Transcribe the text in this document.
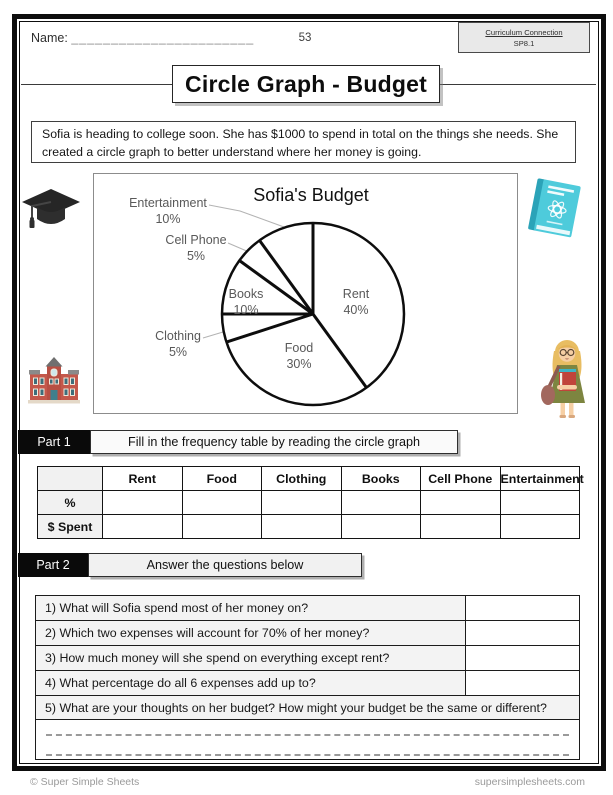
Name: _______________________	53	Curriculum Connection
SP8.1
Circle Graph - Budget
Sofia is heading to college soon. She has $1000 to spend in total on the things she needs. She created a circle graph to better understand where her money is going.
Sofia's Budget
Rent
40%
Food
30%
Books
10%
Entertainment
10%
Cell Phone
5%
Clothing
5%
Part 1	Fill in the frequency table by reading the circle graph
	Rent	Food	Clothing	Books	Cell Phone	Entertainment
%						
$ Spent						
Part 2	Answer the questions below
1) What will Sofia spend most of her money on?
2) Which two expenses will account for 70% of her money?
3) How much money will she spend on everything except rent?
4) What percentage do all 6 expenses add up to?
5) What are your thoughts on her budget? How might your budget be the same or different?
© Super Simple Sheets	supersimplesheets.com
